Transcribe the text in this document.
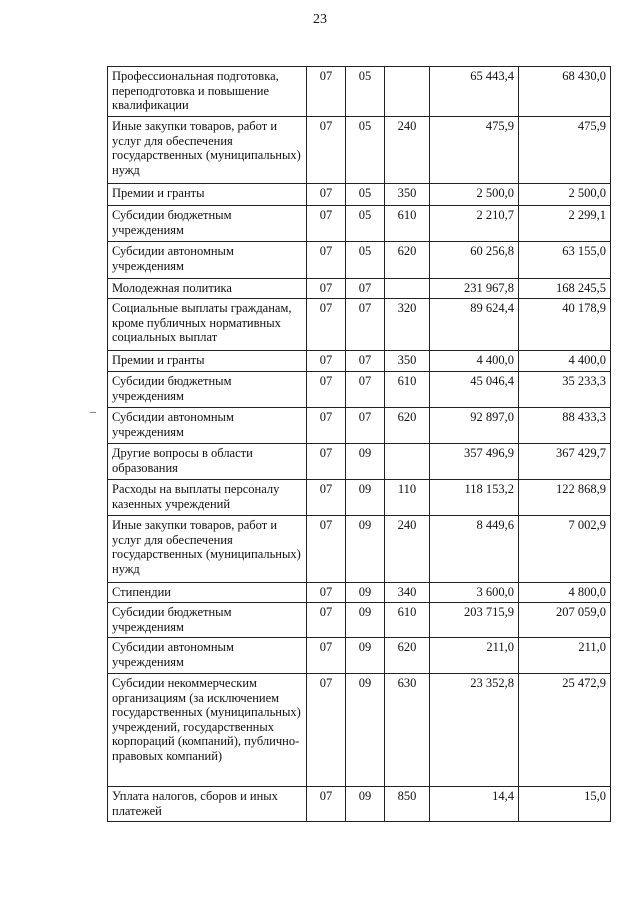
23
Профессиональная подготовка, переподготовка и повышение квалификации	07	05		65 443,4	68 430,0
Иные закупки товаров, работ и услуг для обеспечения государственных (муниципальных) нужд	07	05	240	475,9	475,9
Премии и гранты	07	05	350	2 500,0	2 500,0
Субсидии бюджетным учреждениям	07	05	610	2 210,7	2 299,1
Субсидии автономным учреждениям	07	05	620	60 256,8	63 155,0
Молодежная политика	07	07		231 967,8	168 245,5
Социальные выплаты гражданам, кроме публичных нормативных социальных выплат	07	07	320	89 624,4	40 178,9
Премии и гранты	07	07	350	4 400,0	4 400,0
Субсидии бюджетным учреждениям	07	07	610	45 046,4	35 233,3
Субсидии автономным учреждениям	07	07	620	92 897,0	88 433,3
Другие вопросы в области образования	07	09		357 496,9	367 429,7
Расходы на выплаты персоналу казенных учреждений	07	09	110	118 153,2	122 868,9
Иные закупки товаров, работ и услуг для обеспечения государственных (муниципальных) нужд	07	09	240	8 449,6	7 002,9
Стипендии	07	09	340	3 600,0	4 800,0
Субсидии бюджетным учреждениям	07	09	610	203 715,9	207 059,0
Субсидии автономным учреждениям	07	09	620	211,0	211,0
Субсидии некоммерческим организациям (за исключением государственных (муниципальных) учреждений, государственных корпораций (компаний), публично-правовых компаний)	07	09	630	23 352,8	25 472,9
Уплата налогов, сборов и иных платежей	07	09	850	14,4	15,0
